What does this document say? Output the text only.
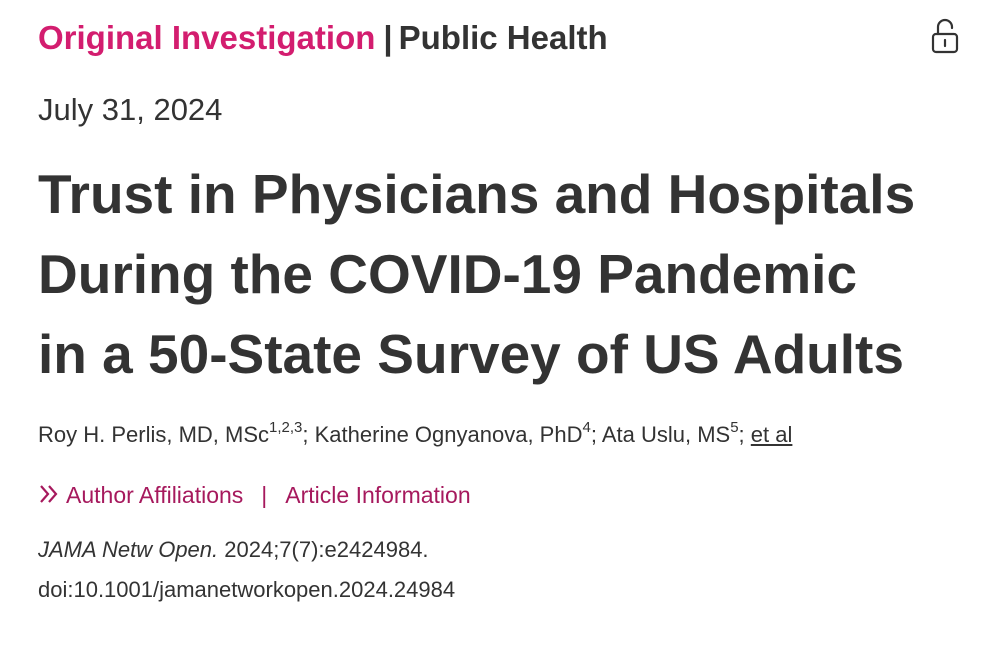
Original Investigation | Public Health
July 31, 2024
Trust in Physicians and Hospitals
During the COVID-19 Pandemic
in a 50-State Survey of US Adults
Roy H. Perlis, MD, MSc$^{1,2,3}$; Katherine Ognyanova, PhD$^4$; Ata Uslu, $MS^5$; et al
Author Affiliations | Article Information
JAMA Netw Open. 2024;7(7):e2424984.
doi:10.1001/jamanetworkopen.2024.24984
